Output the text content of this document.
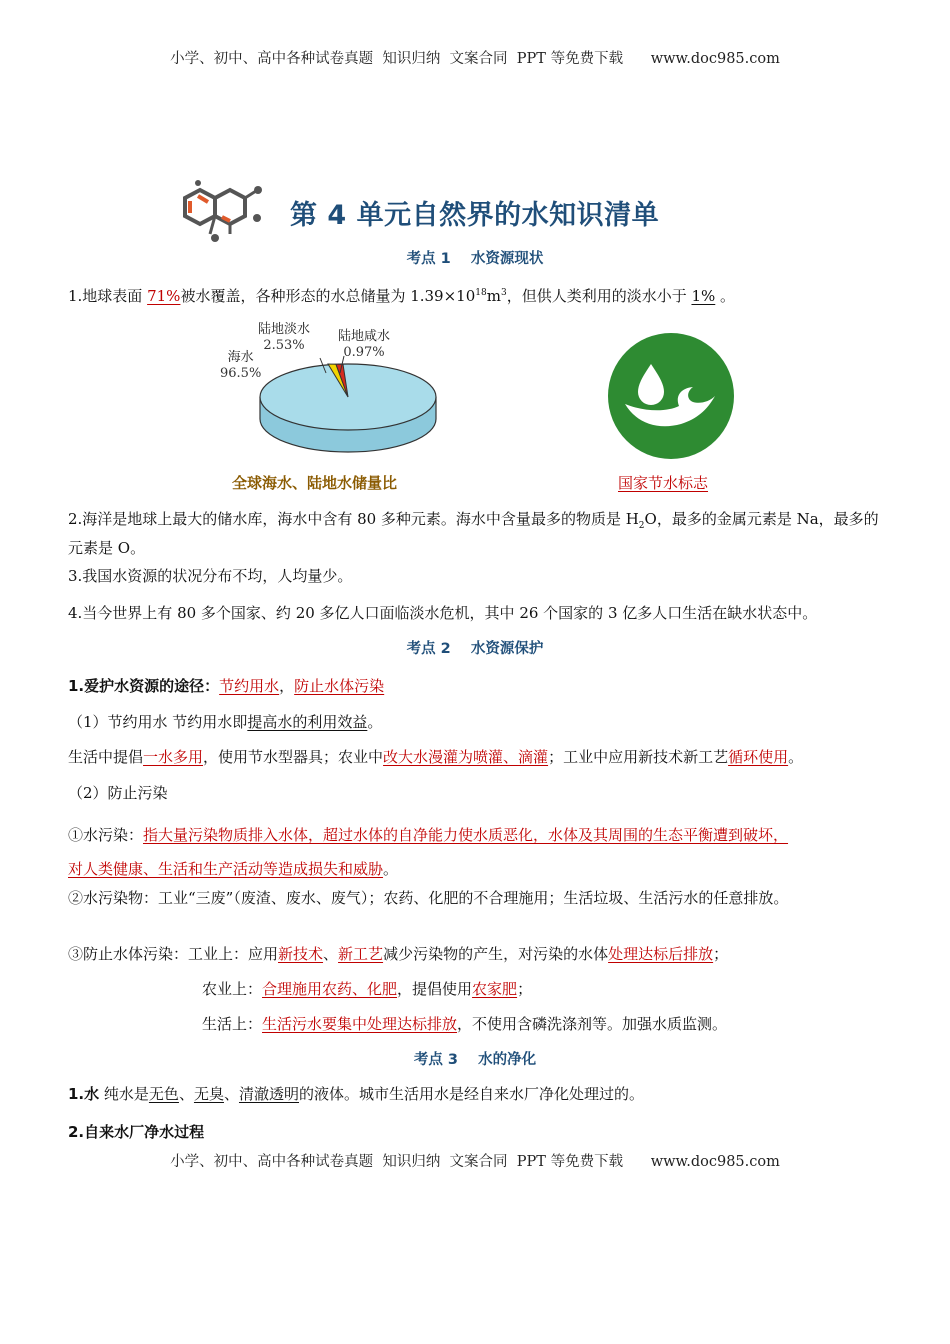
小学、初中、高中各种试卷真题  知识归纳  文案合同  PPT 等免费下载      www.doc985.com
第 4 单元自然界的水知识清单
考点 1    水资源现状
1.地球表面 71%被水覆盖，各种形态的水总储量为 $1.39\times 10^{18}m^3$，但供人类利用的淡水小于 1% 。
海水
96.5%
陆地淡水
2.53%
陆地咸水
0.97%
全球海水、陆地水储量比	国家节水标志
2.海洋是地球上最大的储水库，海水中含有 80 多种元素。海水中含量最多的物质是 $H_2O$，最多的金属元素是 Na，最多的元素是 O。
3.我国水资源的状况分布不均，人均量少。
4.当今世界上有 80 多个国家、约 20 多亿人口面临淡水危机，其中 26 个国家的 3 亿多人口生活在缺水状态中。
考点 2    水资源保护
1.爱护水资源的途径：节约用水，防止水体污染
（1）节约用水 节约用水即提高水的利用效益。
生活中提倡一水多用，使用节水型器具；农业中改大水漫灌为喷灌、滴灌；工业中应用新技术新工艺循环使用。
（2）防止污染
①水污染：指大量污染物质排入水体，超过水体的自净能力使水质恶化，水体及其周围的生态平衡遭到破坏，
对人类健康、生活和生产活动等造成损失和威胁。
②水污染物：工业“三废”（废渣、废水、废气）；农药、化肥的不合理施用；生活垃圾、生活污水的任意排放。
③防止水体污染：工业上：应用新技术、新工艺减少污染物的产生，对污染的水体处理达标后排放；
农业上：合理施用农药、化肥，提倡使用农家肥；
生活上：生活污水要集中处理达标排放，不使用含磷洗涤剂等。加强水质监测。
考点 3    水的净化
1.水 纯水是无色、无臭、清澈透明的液体。城市生活用水是经自来水厂净化处理过的。
2.自来水厂净水过程
小学、初中、高中各种试卷真题  知识归纳  文案合同  PPT 等免费下载      www.doc985.com
